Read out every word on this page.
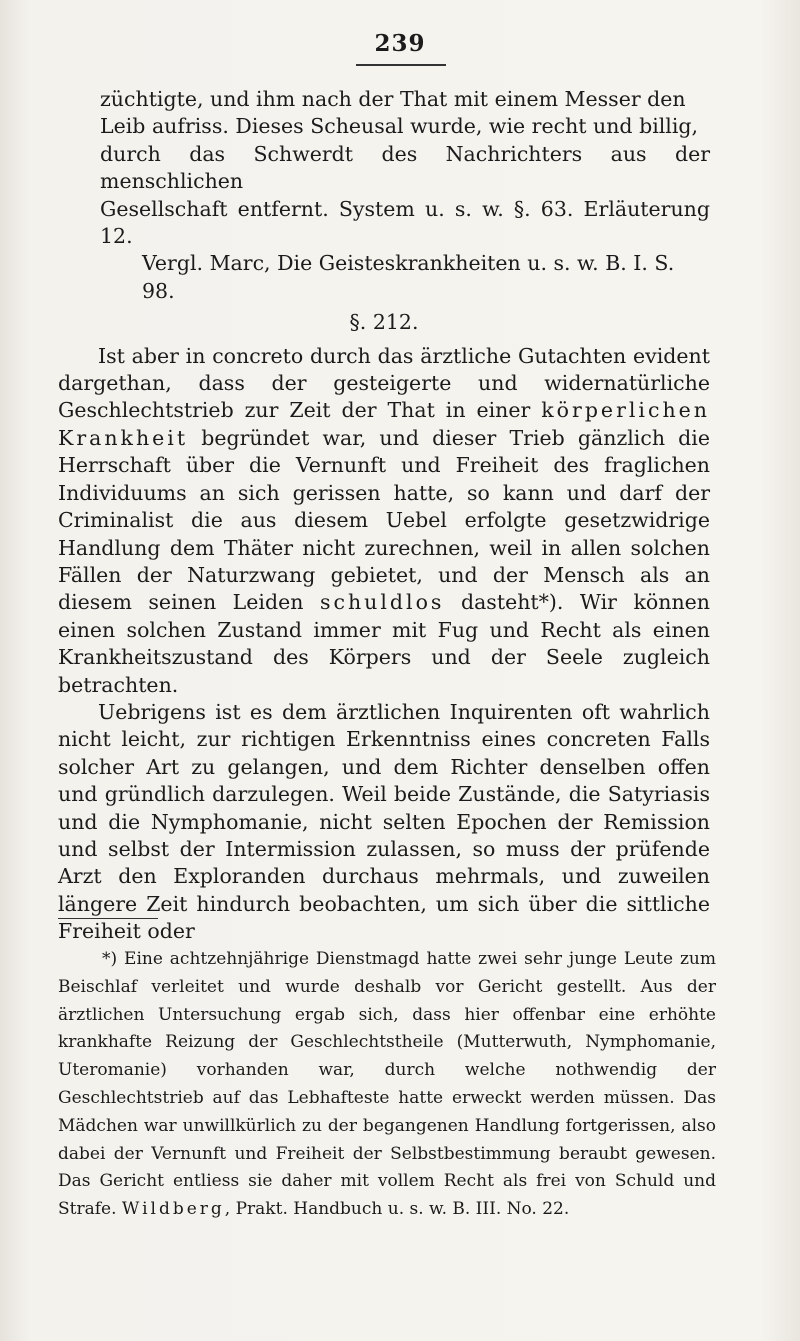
239

züchtigte, und ihm nach der That mit einem Messer den

Leib aufriss. Dieses Scheusal wurde, wie recht und billig,

durch das Schwerdt des Nachrichters aus der menschlichen

Gesellschaft entfernt. System u. s. w. §. 63. Erläuterung 12.

Vergl. Marc, Die Geisteskrankheiten u. s. w. B. I. S. 98.

§. 212.

Ist aber in concreto durch das ärztliche Gutachten evident dargethan, dass der gesteigerte und widernatürliche Geschlechtstrieb zur Zeit der That in einer körperlichen Krankheit begründet war, und dieser Trieb gänzlich die Herrschaft über die Vernunft und Freiheit des fraglichen Individuums an sich gerissen hatte, so kann und darf der Criminalist die aus diesem Uebel erfolgte gesetzwidrige Handlung dem Thäter nicht zurechnen, weil in allen solchen Fällen der Naturzwang gebietet, und der Mensch als an diesem seinen Leiden schuldlos dasteht*). Wir können einen solchen Zustand immer mit Fug und Recht als einen Krankheitszustand des Körpers und der Seele zugleich betrachten.

Uebrigens ist es dem ärztlichen Inquirenten oft wahrlich nicht leicht, zur richtigen Erkenntniss eines concreten Falls solcher Art zu gelangen, und dem Richter denselben offen und gründlich darzulegen. Weil beide Zustände, die Satyriasis und die Nymphomanie, nicht selten Epochen der Remission und selbst der Intermission zulassen, so muss der prüfende Arzt den Exploranden durchaus mehrmals, und zuweilen längere Zeit hindurch beobachten, um sich über die sittliche Freiheit oder

*) Eine achtzehnjährige Dienstmagd hatte zwei sehr junge Leute zum Beischlaf verleitet und wurde deshalb vor Gericht gestellt. Aus der ärztlichen Untersuchung ergab sich, dass hier offenbar eine erhöhte krankhafte Reizung der Geschlechtstheile (Mutterwuth, Nymphomanie, Uteromanie) vorhanden war, durch welche nothwendig der Geschlechtstrieb auf das Lebhafteste hatte erweckt werden müssen. Das Mädchen war unwillkürlich zu der begangenen Handlung fortgerissen, also dabei der Vernunft und Freiheit der Selbstbestimmung beraubt gewesen. Das Gericht entliess sie daher mit vollem Recht als frei von Schuld und Strafe. Wildberg, Prakt. Handbuch u. s. w. B. III. No. 22.
